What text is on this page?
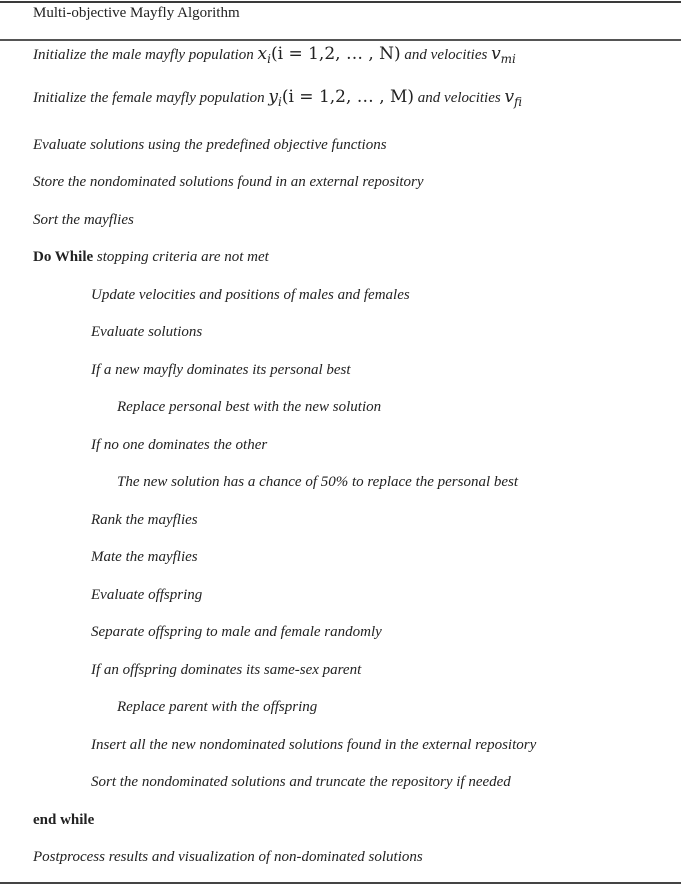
Multi-objective Mayfly Algorithm
Initialize the male mayfly population $x_i(i = 1,2$, … , N) and velocities $v_{mi}$
Initialize the female mayfly population $y_i(i = 1,2$, … , M) and velocities $v_{fi}$
Evaluate solutions using the predefined objective functions
Store the nondominated solutions found in an external repository
Sort the mayflies
Do While stopping criteria are not met
Update velocities and positions of males and females
Evaluate solutions
If a new mayfly dominates its personal best
Replace personal best with the new solution
If no one dominates the other
The new solution has a chance of 50% to replace the personal best
Rank the mayflies
Mate the mayflies
Evaluate offspring
Separate offspring to male and female randomly
If an offspring dominates its same-sex parent
Replace parent with the offspring
Insert all the new nondominated solutions found in the external repository
Sort the nondominated solutions and truncate the repository if needed
end while
Postprocess results and visualization of non-dominated solutions
